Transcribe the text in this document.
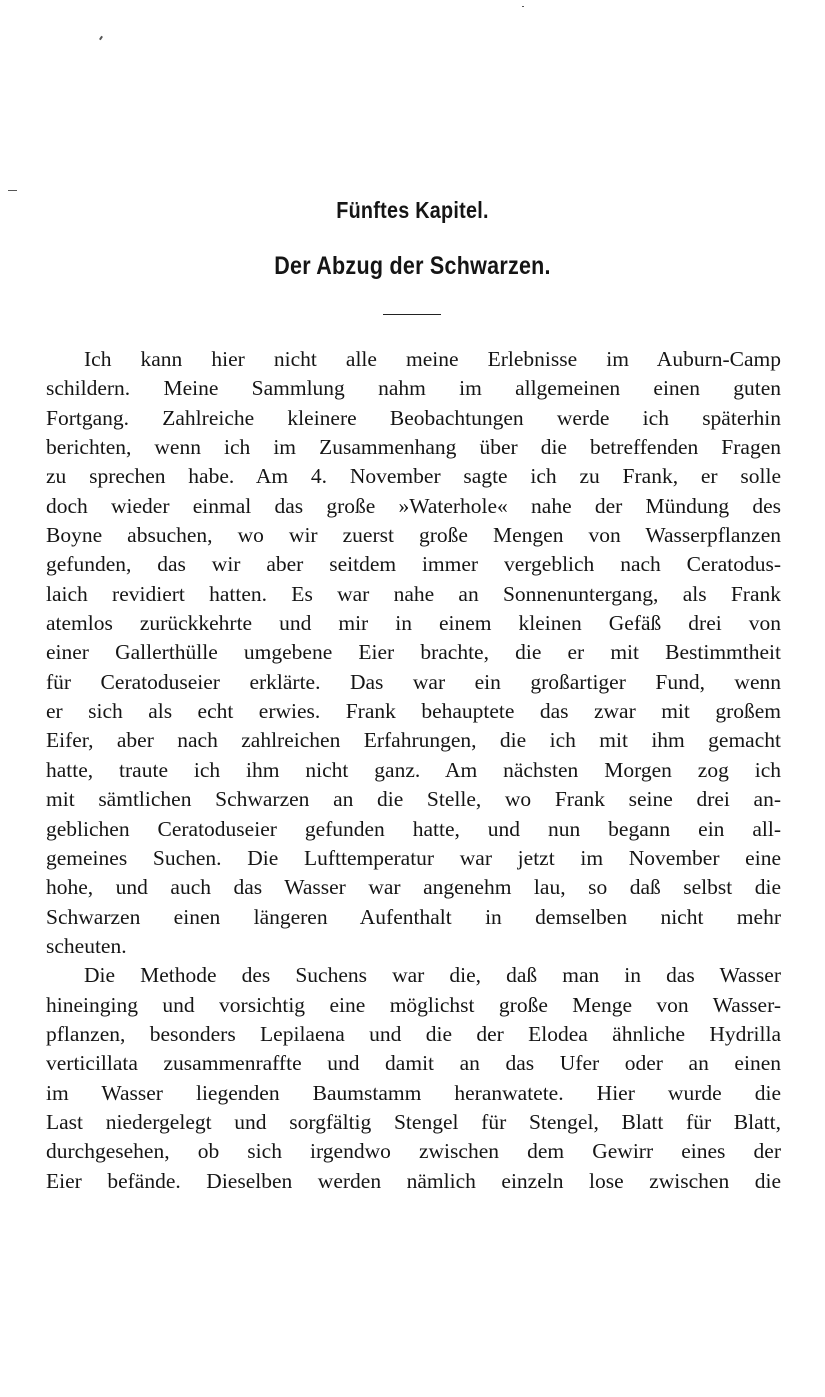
Fünftes Kapitel.
Der Abzug der Schwarzen.
Ich kann hier nicht alle meine Erlebnisse im Auburn-Camp
schildern. Meine Sammlung nahm im allgemeinen einen guten
Fortgang. Zahlreiche kleinere Beobachtungen werde ich späterhin
berichten, wenn ich im Zusammenhang über die betreffenden Fragen
zu sprechen habe. Am 4. November sagte ich zu Frank, er solle
doch wieder einmal das große »Waterhole« nahe der Mündung des
Boyne absuchen, wo wir zuerst große Mengen von Wasserpflanzen
gefunden, das wir aber seitdem immer vergeblich nach Ceratodus-
laich revidiert hatten. Es war nahe an Sonnenuntergang, als Frank
atemlos zurückkehrte und mir in einem kleinen Gefäß drei von
einer Gallerthülle umgebene Eier brachte, die er mit Bestimmtheit
für Ceratoduseier erklärte. Das war ein großartiger Fund, wenn
er sich als echt erwies. Frank behauptete das zwar mit großem
Eifer, aber nach zahlreichen Erfahrungen, die ich mit ihm gemacht
hatte, traute ich ihm nicht ganz. Am nächsten Morgen zog ich
mit sämtlichen Schwarzen an die Stelle, wo Frank seine drei an-
geblichen Ceratoduseier gefunden hatte, und nun begann ein all-
gemeines Suchen. Die Lufttemperatur war jetzt im November eine
hohe, und auch das Wasser war angenehm lau, so daß selbst die
Schwarzen einen längeren Aufenthalt in demselben nicht mehr
scheuten.
Die Methode des Suchens war die, daß man in das Wasser
hineinging und vorsichtig eine möglichst große Menge von Wasser-
pflanzen, besonders Lepilaena und die der Elodea ähnliche Hydrilla
verticillata zusammenraffte und damit an das Ufer oder an einen
im Wasser liegenden Baumstamm heranwatete. Hier wurde die
Last niedergelegt und sorgfältig Stengel für Stengel, Blatt für Blatt,
durchgesehen, ob sich irgendwo zwischen dem Gewirr eines der
Eier befände. Dieselben werden nämlich einzeln lose zwischen die
